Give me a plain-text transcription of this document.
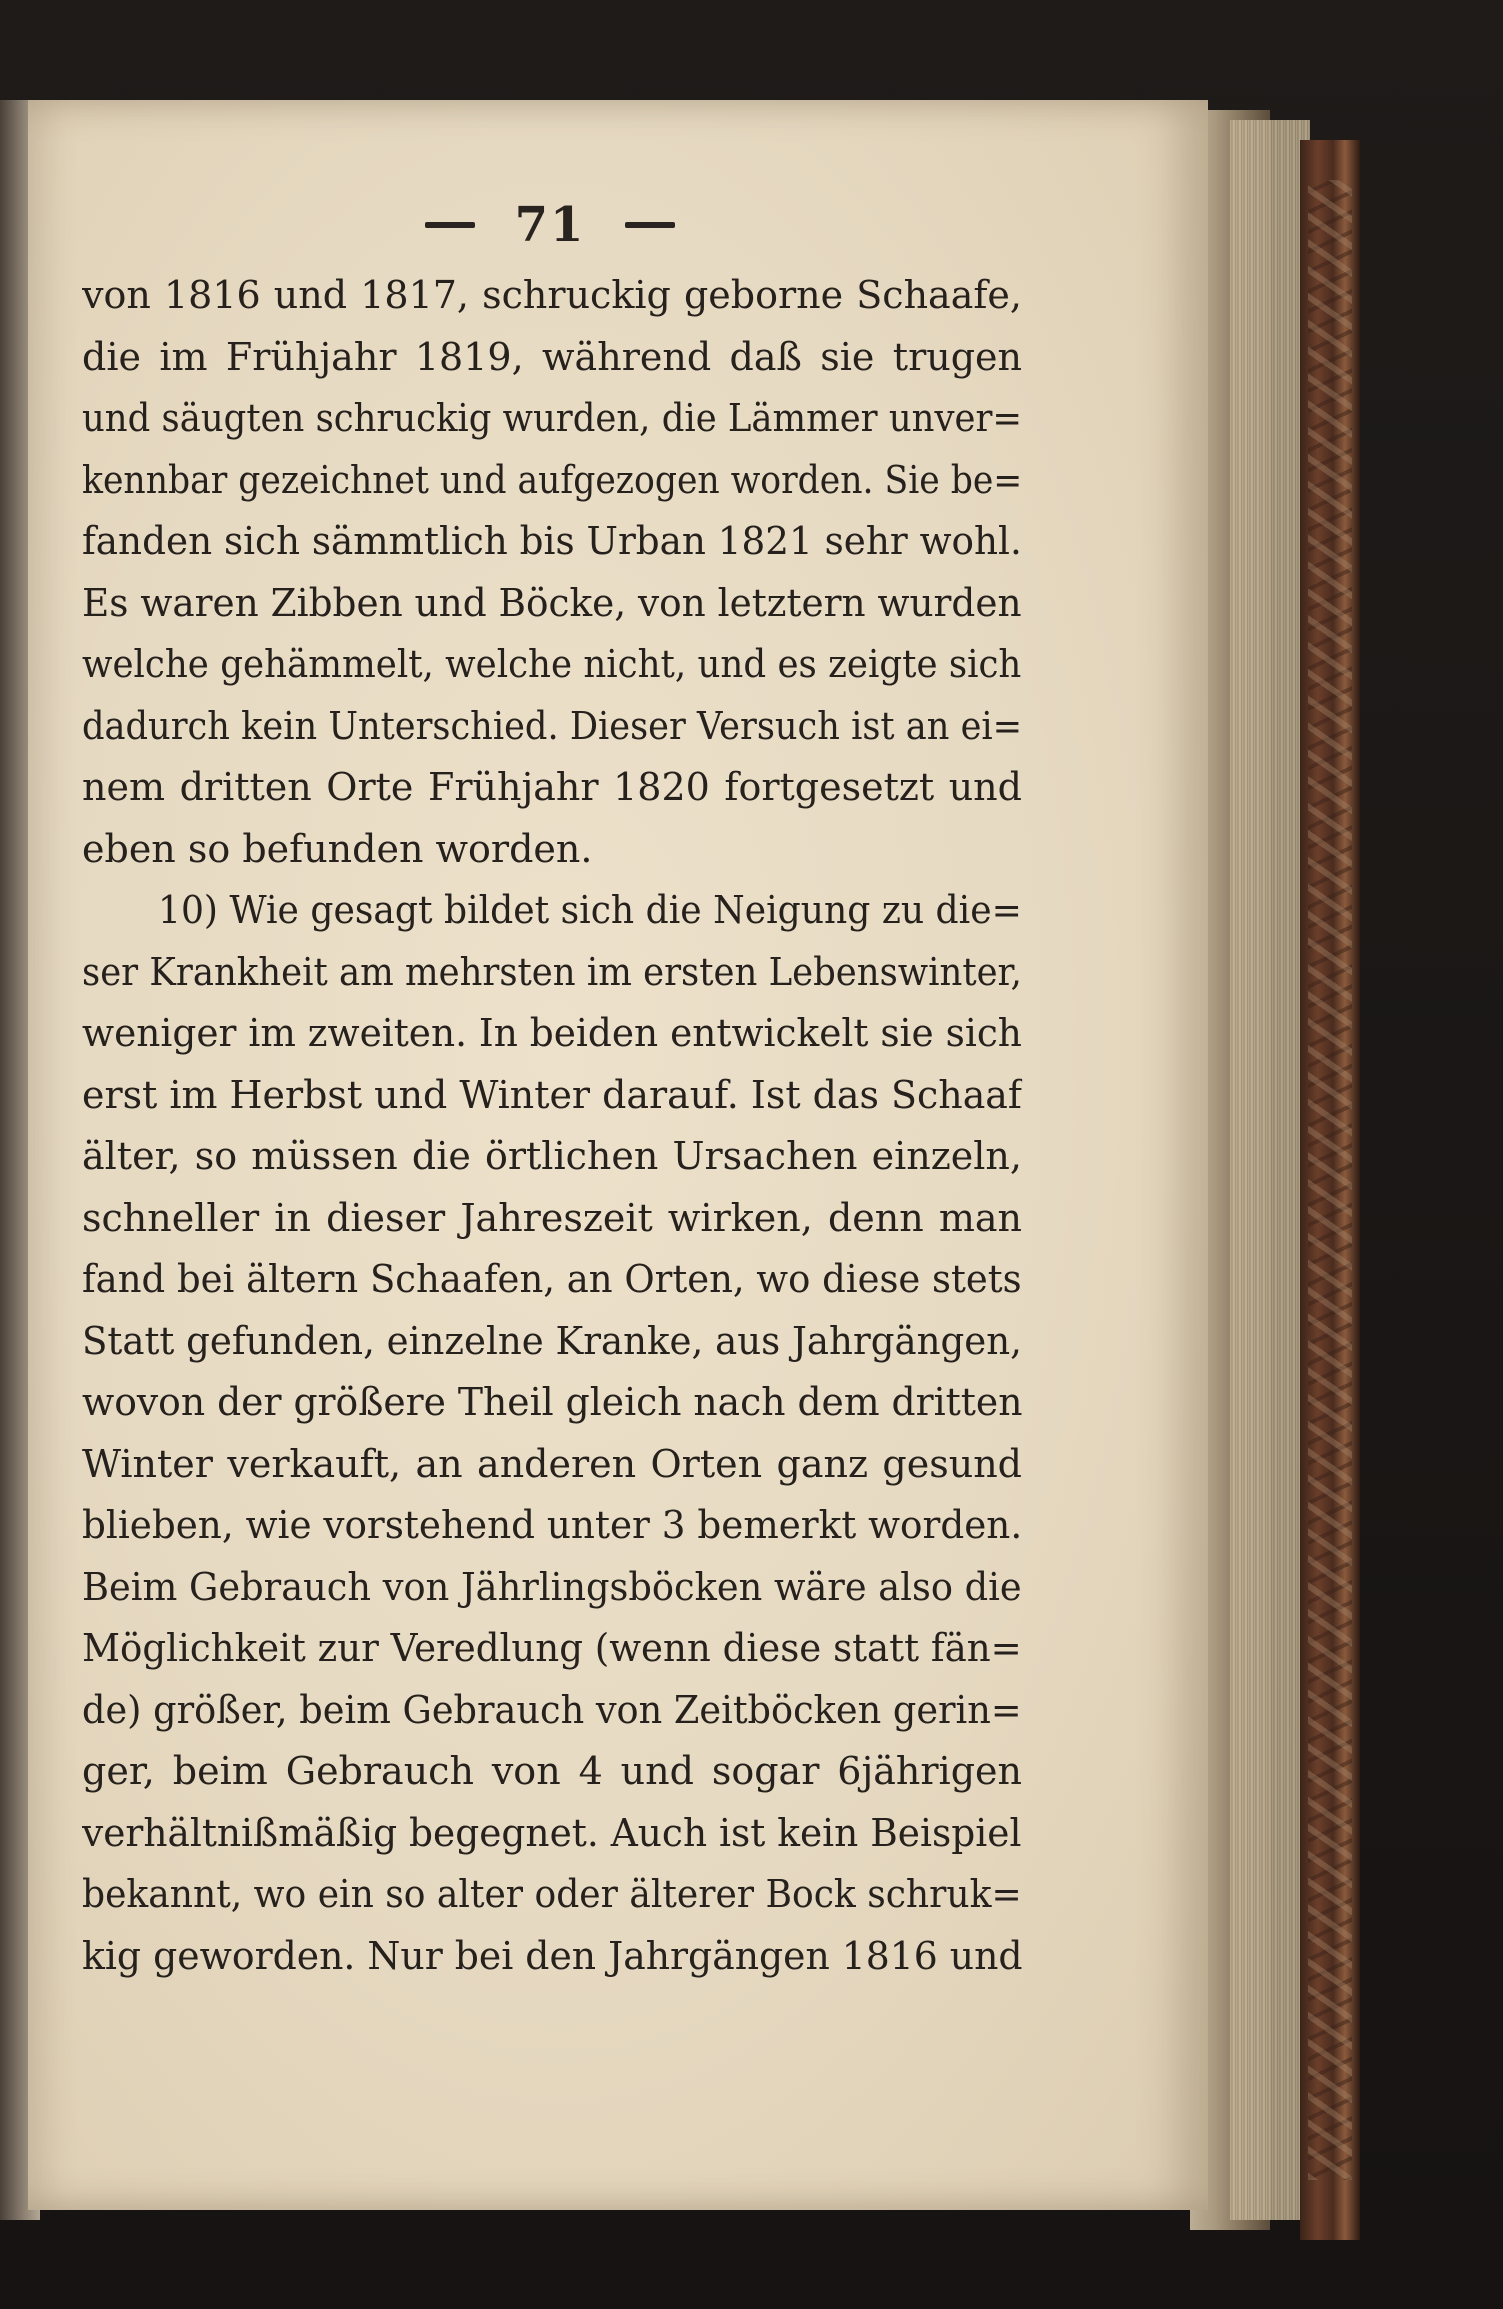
71
von 1816 und 1817, schruckig geborne Schaafe,
die im Frühjahr 1819, während daß sie trugen
und säugten schruckig wurden, die Lämmer unver=
kennbar gezeichnet und aufgezogen worden. Sie be=
fanden sich sämmtlich bis Urban 1821 sehr wohl.
Es waren Zibben und Böcke, von letztern wurden
welche gehämmelt, welche nicht, und es zeigte sich
dadurch kein Unterschied. Dieser Versuch ist an ei=
nem dritten Orte Frühjahr 1820 fortgesetzt und
eben so befunden worden.
10) Wie gesagt bildet sich die Neigung zu die=
ser Krankheit am mehrsten im ersten Lebenswinter,
weniger im zweiten. In beiden entwickelt sie sich
erst im Herbst und Winter darauf. Ist das Schaaf
älter, so müssen die örtlichen Ursachen einzeln,
schneller in dieser Jahreszeit wirken, denn man
fand bei ältern Schaafen, an Orten, wo diese stets
Statt gefunden, einzelne Kranke, aus Jahrgängen,
wovon der größere Theil gleich nach dem dritten
Winter verkauft, an anderen Orten ganz gesund
blieben, wie vorstehend unter 3 bemerkt worden.
Beim Gebrauch von Jährlingsböcken wäre also die
Möglichkeit zur Veredlung (wenn diese statt fän=
de) größer, beim Gebrauch von Zeitböcken gerin=
ger, beim Gebrauch von 4 und sogar 6jährigen
verhältnißmäßig begegnet. Auch ist kein Beispiel
bekannt, wo ein so alter oder älterer Bock schruk=
kig geworden. Nur bei den Jahrgängen 1816 und
